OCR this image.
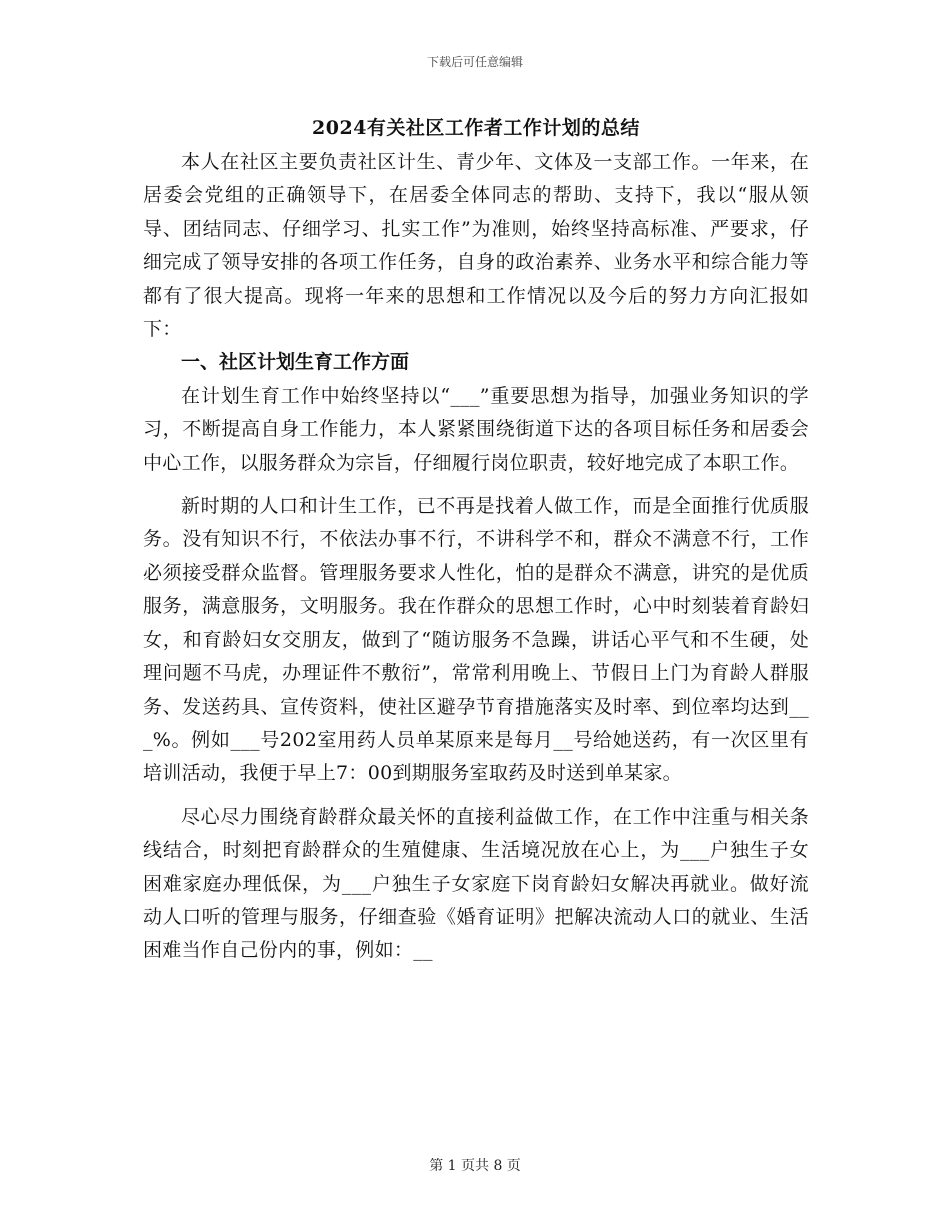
下载后可任意编辑
2024有关社区工作者工作计划的总结

本人在社区主要负责社区计生、青少年、文体及一支部工作。一年来，在居委会党组的正确领导下，在居委全体同志的帮助、支持下，我以“服从领导、团结同志、仔细学习、扎实工作”为准则，始终坚持高标准、严要求，仔细完成了领导安排的各项工作任务，自身的政治素养、业务水平和综合能力等都有了很大提高。现将一年来的思想和工作情况以及今后的努力方向汇报如下：

一、社区计划生育工作方面

在计划生育工作中始终坚持以“___”重要思想为指导，加强业务知识的学习，不断提高自身工作能力，本人紧紧围绕街道下达的各项目标任务和居委会中心工作，以服务群众为宗旨，仔细履行岗位职责，较好地完成了本职工作。

新时期的人口和计生工作，已不再是找着人做工作，而是全面推行优质服务。没有知识不行，不依法办事不行，不讲科学不和，群众不满意不行，工作必须接受群众监督。管理服务要求人性化，怕的是群众不满意，讲究的是优质服务，满意服务，文明服务。我在作群众的思想工作时，心中时刻装着育龄妇女，和育龄妇女交朋友，做到了“随访服务不急躁，讲话心平气和不生硬，处理问题不马虎，办理证件不敷衍”，常常利用晚上、节假日上门为育龄人群服务、发送药具、宣传资料，使社区避孕节育措施落实及时率、到位率均达到___%。例如___号202室用药人员单某原来是每月__号给她送药，有一次区里有培训活动，我便于早上7：00到期服务室取药及时送到单某家。

尽心尽力围绕育龄群众最关怀的直接利益做工作，在工作中注重与相关条线结合，时刻把育龄群众的生殖健康、生活境况放在心上，为___户独生子女困难家庭办理低保，为___户独生子女家庭下岗育龄妇女解决再就业。做好流动人口听的管理与服务，仔细查验《婚育证明》把解决流动人口的就业、生活困难当作自己份内的事，例如：__

第 1 页共 8 页
